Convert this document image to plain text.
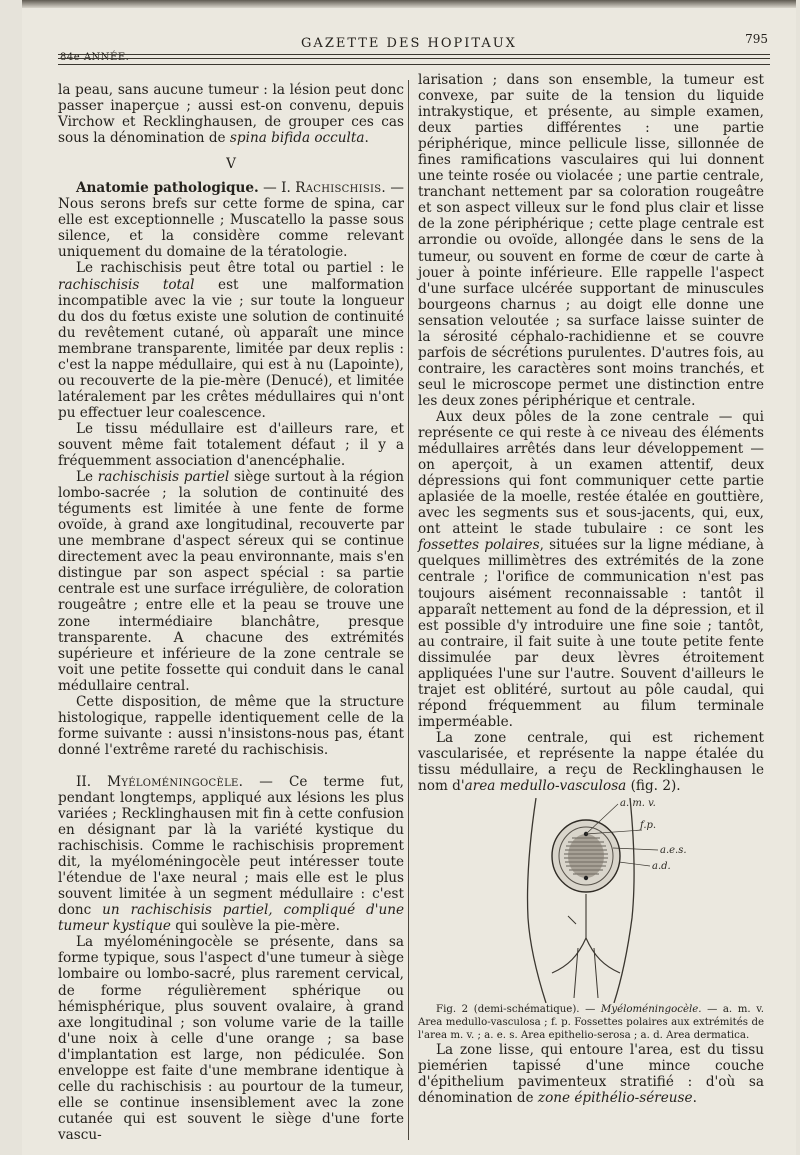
84e ANNÉE.
GAZETTE DES HOPITAUX	795

la peau, sans aucune tumeur : la lésion peut donc passer inaperçue ; aussi est-on convenu, depuis Virchow et Recklinghausen, de grouper ces cas sous la dénomination de spina bifida occulta.

V

Anatomie pathologique. — I. Rachischisis. — Nous serons brefs sur cette forme de spina, car elle est exceptionnelle ; Muscatello la passe sous silence, et la considère comme relevant uniquement du domaine de la tératologie.

Le rachischisis peut être total ou partiel : le rachischisis total est une malformation incompatible avec la vie ; sur toute la longueur du dos du fœtus existe une solution de continuité du revêtement cutané, où apparaît une mince membrane transparente, limitée par deux replis : c'est la nappe médullaire, qui est à nu (Lapointe), ou recouverte de la pie-mère (Denucé), et limitée latéralement par les crêtes médullaires qui n'ont pu effectuer leur coalescence.

Le tissu médullaire est d'ailleurs rare, et souvent même fait totalement défaut ; il y a fréquemment association d'anencéphalie.

Le rachischisis partiel siège surtout à la région lombo-sacrée ; la solution de continuité des téguments est limitée à une fente de forme ovoïde, à grand axe longitudinal, recouverte par une membrane d'aspect séreux qui se continue directement avec la peau environnante, mais s'en distingue par son aspect spécial : sa partie centrale est une surface irrégulière, de coloration rougeâtre ; entre elle et la peau se trouve une zone intermédiaire blanchâtre, presque transparente. A chacune des extrémités supérieure et inférieure de la zone centrale se voit une petite fossette qui conduit dans le canal médullaire central.

Cette disposition, de même que la structure histologique, rappelle identiquement celle de la forme suivante : aussi n'insistons-nous pas, étant donné l'extrême rareté du rachischisis.

II. Myéloméningocèle. — Ce terme fut, pendant longtemps, appliqué aux lésions les plus variées ; Recklinghausen mit fin à cette confusion en désignant par là la variété kystique du rachischisis. Comme le rachischisis proprement dit, la myéloméningocèle peut intéresser toute l'étendue de l'axe neural ; mais elle est le plus souvent limitée à un segment médullaire : c'est donc un rachischisis partiel, compliqué d'une tumeur kystique qui soulève la pie-mère.

La myéloméningocèle se présente, dans sa forme typique, sous l'aspect d'une tumeur à siège lombaire ou lombo-sacré, plus rarement cervical, de forme régulièrement sphérique ou hémisphérique, plus souvent ovalaire, à grand axe longitudinal ; son volume varie de la taille d'une noix à celle d'une orange ; sa base d'implantation est large, non pédiculée. Son enveloppe est faite d'une membrane identique à celle du rachischisis : au pourtour de la tumeur, elle se continue insensiblement avec la zone cutanée qui est souvent le siège d'une forte vascu-

larisation ; dans son ensemble, la tumeur est convexe, par suite de la tension du liquide intrakystique, et présente, au simple examen, deux parties différentes : une partie périphérique, mince pellicule lisse, sillonnée de fines ramifications vasculaires qui lui donnent une teinte rosée ou violacée ; une partie centrale, tranchant nettement par sa coloration rougeâtre et son aspect villeux sur le fond plus clair et lisse de la zone périphérique ; cette plage centrale est arrondie ou ovoïde, allongée dans le sens de la tumeur, ou souvent en forme de cœur de carte à jouer à pointe inférieure. Elle rappelle l'aspect d'une surface ulcérée supportant de minuscules bourgeons charnus ; au doigt elle donne une sensation veloutée ; sa surface laisse suinter de la sérosité céphalo-rachidienne et se couvre parfois de sécrétions purulentes. D'autres fois, au contraire, les caractères sont moins tranchés, et seul le microscope permet une distinction entre les deux zones périphérique et centrale.

Aux deux pôles de la zone centrale — qui représente ce qui reste à ce niveau des éléments médullaires arrêtés dans leur développement — on aperçoit, à un examen attentif, deux dépressions qui font communiquer cette partie aplasiée de la moelle, restée étalée en gouttière, avec les segments sus et sous-jacents, qui, eux, ont atteint le stade tubulaire : ce sont les fossettes polaires, situées sur la ligne médiane, à quelques millimètres des extrémités de la zone centrale ; l'orifice de communication n'est pas toujours aisément reconnaissable : tantôt il apparaît nettement au fond de la dépression, et il est possible d'y introduire une fine soie ; tantôt, au contraire, il fait suite à une toute petite fente dissimulée par deux lèvres étroitement appliquées l'une sur l'autre. Souvent d'ailleurs le trajet est oblitéré, surtout au pôle caudal, qui répond fréquemment au filum terminale imperméable.

La zone centrale, qui est richement vascularisée, et représente la nappe étalée du tissu médullaire, a reçu de Recklinghausen le nom d'area medullo-vasculosa (fig. 2).

a. m. v.
f.p.
a.e.s.
a.d.

Fig. 2 (demi-schématique). — Myéloméningocèle. — a. m. v. Area medullo-vasculosa ; f. p. Fossettes polaires aux extrémités de l'area m. v. ; a. e. s. Area epithelio-serosa ; a. d. Area dermatica.

La zone lisse, qui entoure l'area, est du tissu piemérien tapissé d'une mince couche d'épithelium pavimenteux stratifié : d'où sa dénomination de zone épithélio-séreuse.
